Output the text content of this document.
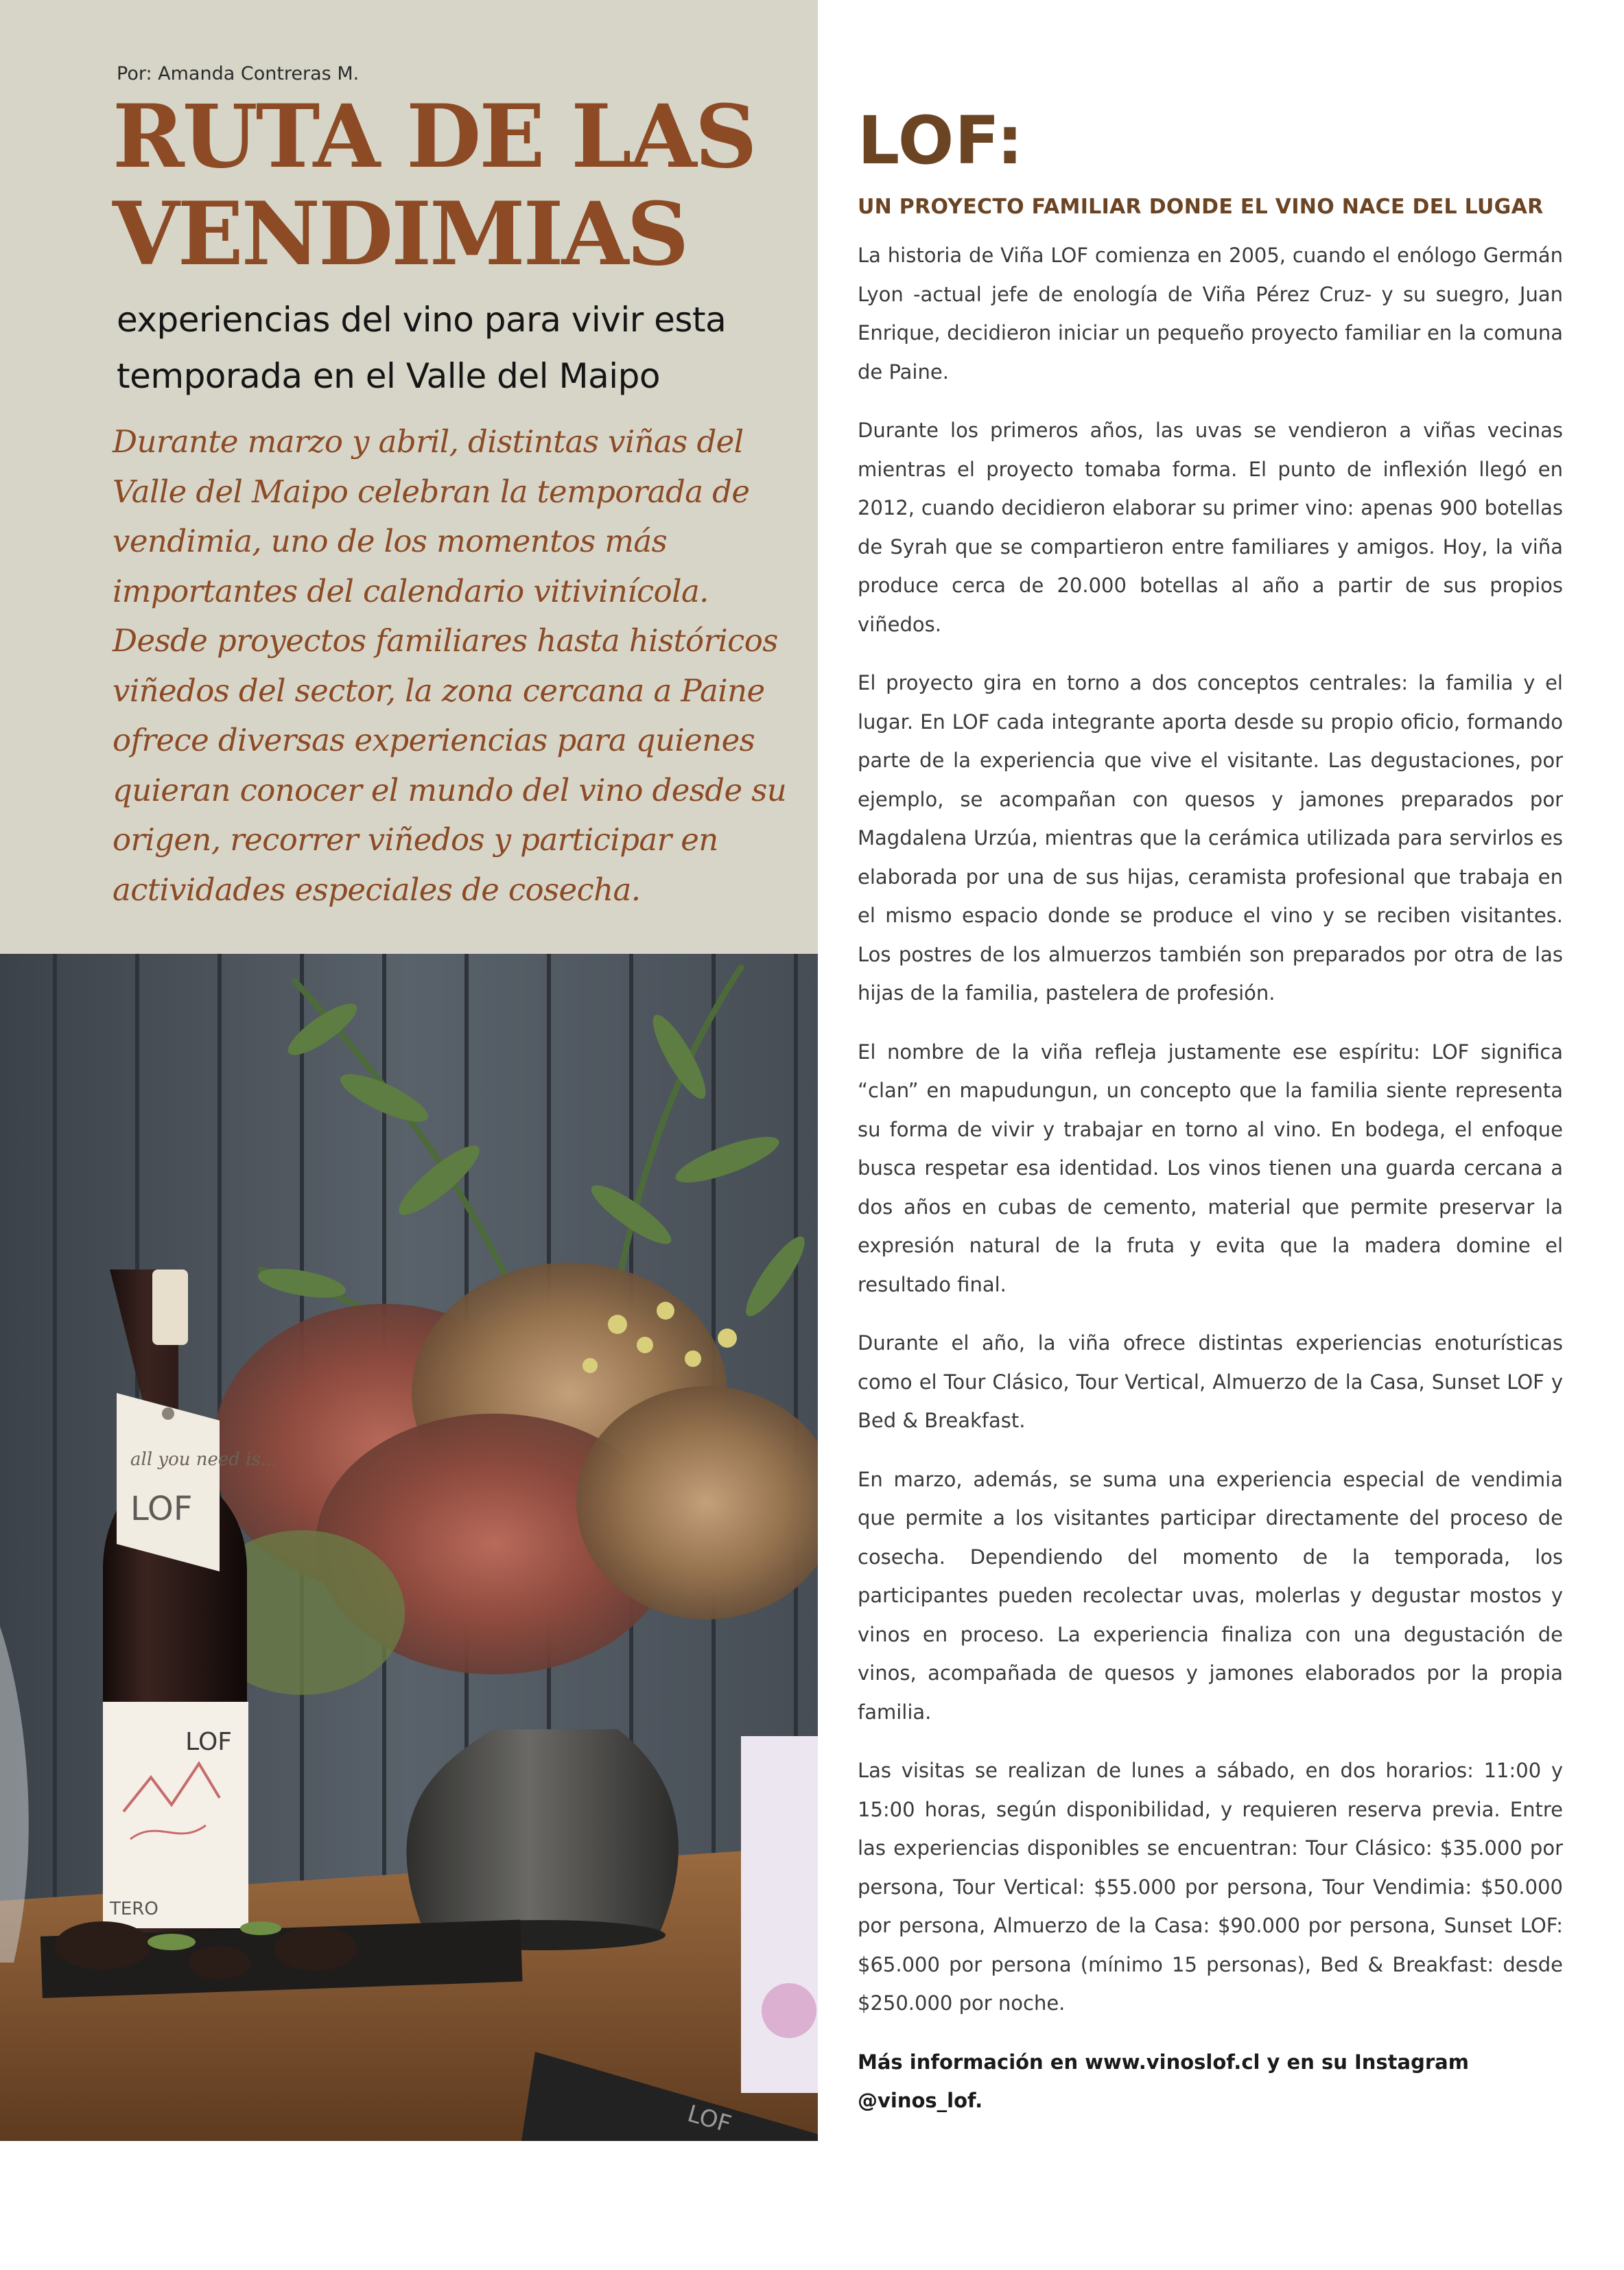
Por: Amanda Contreras M.
RUTA DE LAS VENDIMIAS
experiencias del vino para vivir esta temporada en el Valle del Maipo

Durante marzo y abril, distintas viñas del Valle del Maipo celebran la temporada de vendimia, uno de los momentos más importantes del calendario vitivinícola. Desde proyectos familiares hasta históricos viñedos del sector, la zona cercana a Paine ofrece diversas experiencias para quienes quieran conocer el mundo del vino desde su origen, recorrer viñedos y participar en actividades especiales de cosecha.

all you need is...
LOF
LOF
TERO
LOF
LOF:
UN PROYECTO FAMILIAR DONDE EL VINO NACE DEL LUGAR

La historia de Viña LOF comienza en 2005, cuando el enólogo Germán Lyon -actual jefe de enología de Viña Pérez Cruz- y su suegro, Juan Enrique, decidieron iniciar un pequeño proyecto familiar en la comuna de Paine.

Durante los primeros años, las uvas se vendieron a viñas vecinas mientras el proyecto tomaba forma. El punto de inflexión llegó en 2012, cuando decidieron elaborar su primer vino: apenas 900 botellas de Syrah que se compartieron entre familiares y amigos. Hoy, la viña produce cerca de 20.000 botellas al año a partir de sus propios viñedos.

El proyecto gira en torno a dos conceptos centrales: la familia y el lugar. En LOF cada integrante aporta desde su propio oficio, formando parte de la experiencia que vive el visitante. Las degustaciones, por ejemplo, se acompañan con quesos y jamones preparados por Magdalena Urzúa, mientras que la cerámica utilizada para servirlos es elaborada por una de sus hijas, ceramista profesional que trabaja en el mismo espacio donde se produce el vino y se reciben visitantes. Los postres de los almuerzos también son preparados por otra de las hijas de la familia, pastelera de profesión.

El nombre de la viña refleja justamente ese espíritu: LOF significa “clan” en mapudungun, un concepto que la familia siente representa su forma de vivir y trabajar en torno al vino. En bodega, el enfoque busca respetar esa identidad. Los vinos tienen una guarda cercana a dos años en cubas de cemento, material que permite preservar la expresión natural de la fruta y evita que la madera domine el resultado final.

Durante el año, la viña ofrece distintas experiencias enoturísticas como el Tour Clásico, Tour Vertical, Almuerzo de la Casa, Sunset LOF y Bed & Breakfast.

En marzo, además, se suma una experiencia especial de vendimia que permite a los visitantes participar directamente del proceso de cosecha. Dependiendo del momento de la temporada, los participantes pueden recolectar uvas, molerlas y degustar mostos y vinos en proceso. La experiencia finaliza con una degustación de vinos, acompañada de quesos y jamones elaborados por la propia familia.

Las visitas se realizan de lunes a sábado, en dos horarios: 11:00 y 15:00 horas, según disponibilidad, y requieren reserva previa. Entre las experiencias disponibles se encuentran: Tour Clásico: $35.000 por persona, Tour Vertical: $55.000 por persona, Tour Vendimia: $50.000 por persona, Almuerzo de la Casa: $90.000 por persona, Sunset LOF: $65.000 por persona (mínimo 15 personas), Bed & Breakfast: desde $250.000 por noche.

Más información en www.vinoslof.cl y en su Instagram @vinos_lof.
